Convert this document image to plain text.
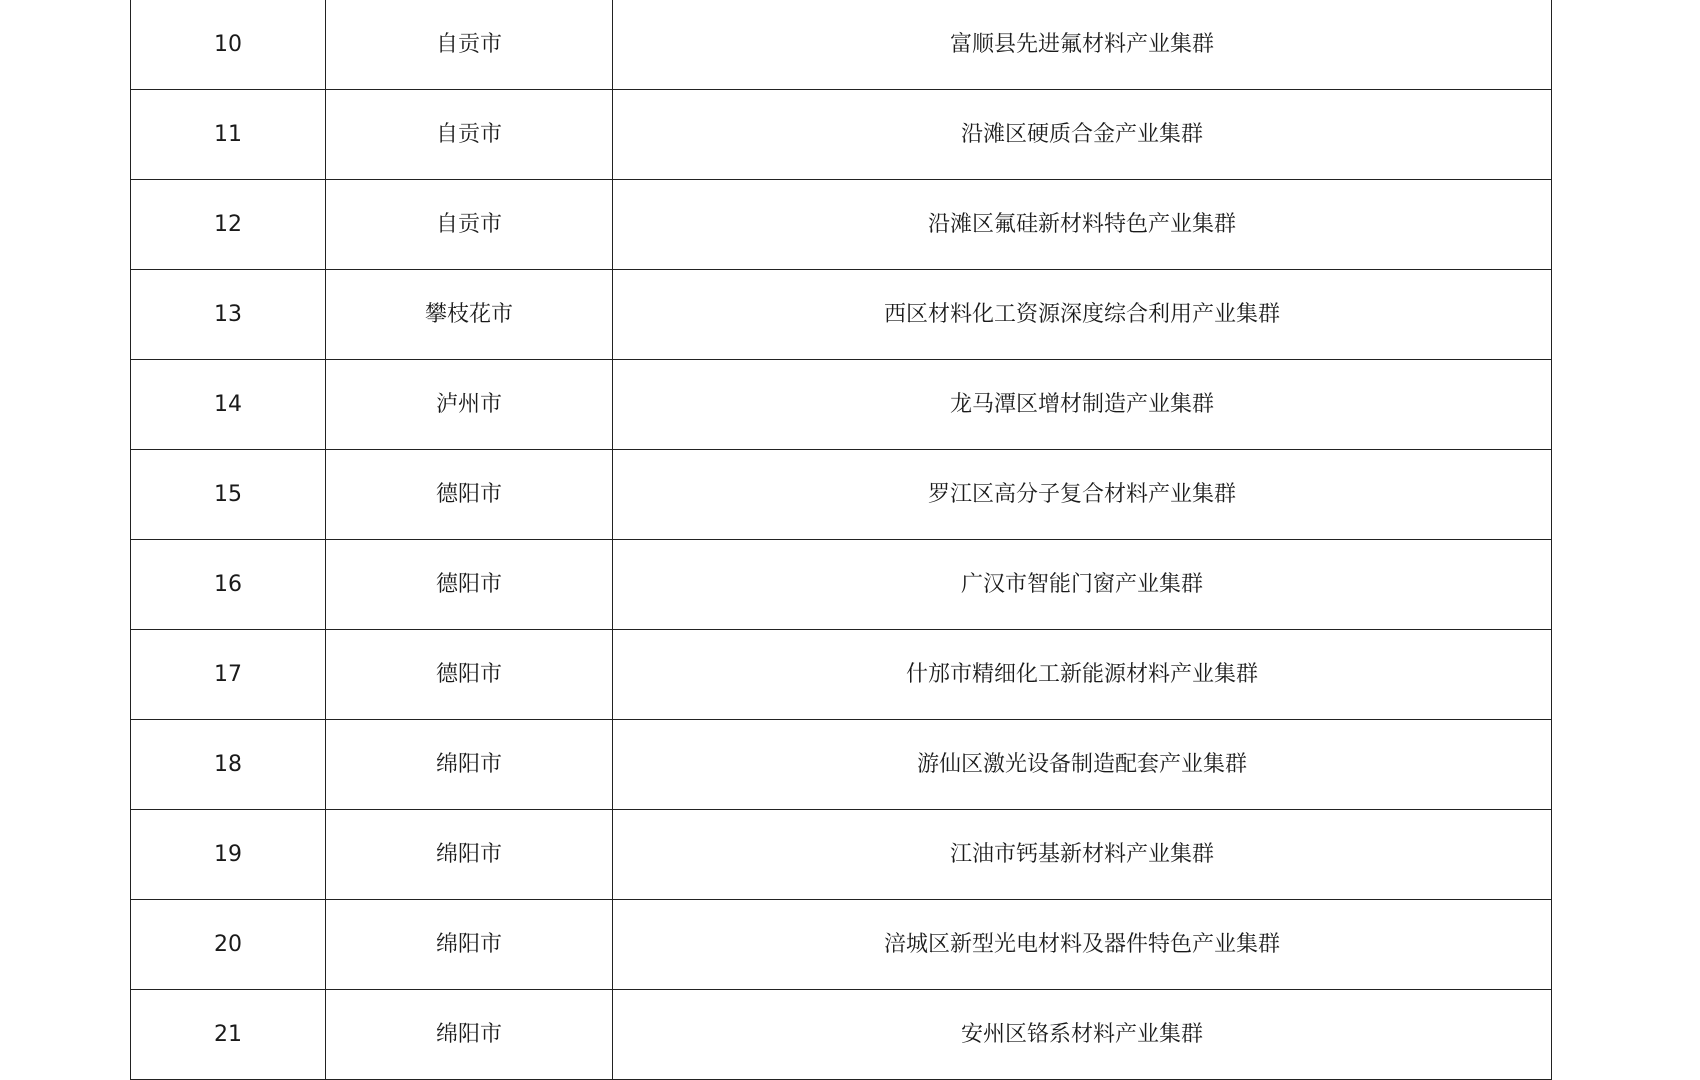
10	自贡市	富顺县先进氟材料产业集群
11	自贡市	沿滩区硬质合金产业集群
12	自贡市	沿滩区氟硅新材料特色产业集群
13	攀枝花市	西区材料化工资源深度综合利用产业集群
14	泸州市	龙马潭区增材制造产业集群
15	德阳市	罗江区高分子复合材料产业集群
16	德阳市	广汉市智能门窗产业集群
17	德阳市	什邡市精细化工新能源材料产业集群
18	绵阳市	游仙区激光设备制造配套产业集群
19	绵阳市	江油市钙基新材料产业集群
20	绵阳市	涪城区新型光电材料及器件特色产业集群
21	绵阳市	安州区铬系材料产业集群
